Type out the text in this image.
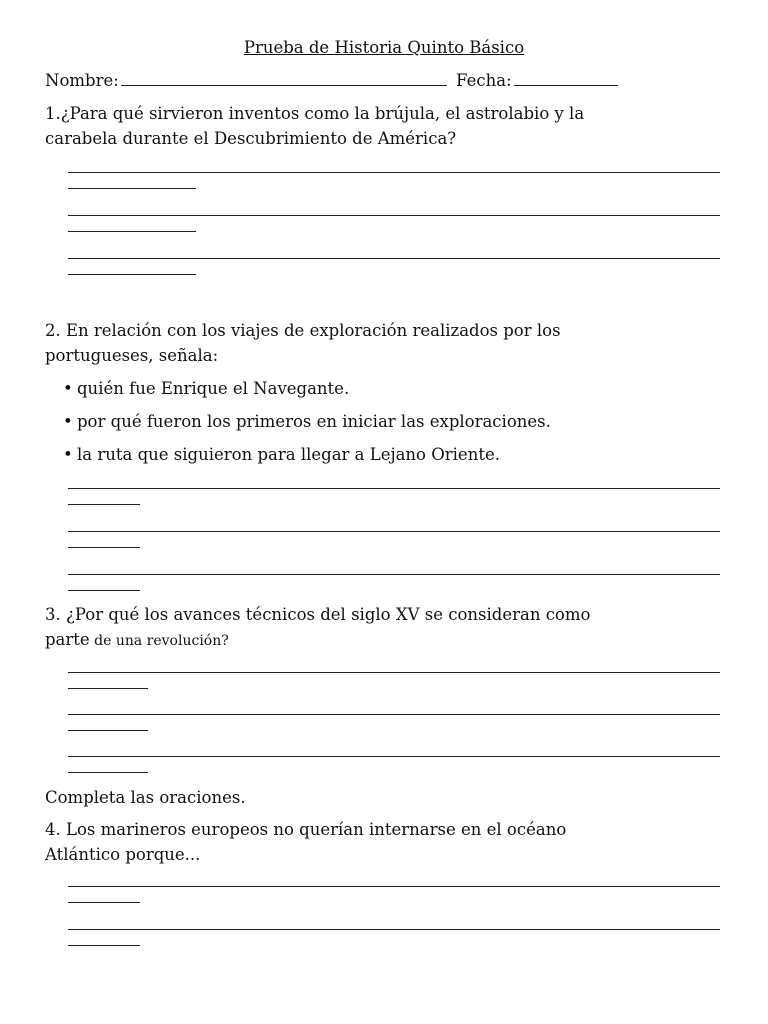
Prueba de Historia Quinto Básico
Nombre:	Fecha:
1.¿Para qué sirvieron inventos como la brújula, el astrolabio y la
carabela durante el Descubrimiento de América?
2. En relación con los viajes de exploración realizados por los
portugueses, señala:
• quién fue Enrique el Navegante.
• por qué fueron los primeros en iniciar las exploraciones.
• la ruta que siguieron para llegar a Lejano Oriente.
3. ¿Por qué los avances técnicos del siglo XV se consideran como
parte de una revolución?
Completa las oraciones.
4. Los marineros europeos no querían internarse en el océano
Atlántico porque...
